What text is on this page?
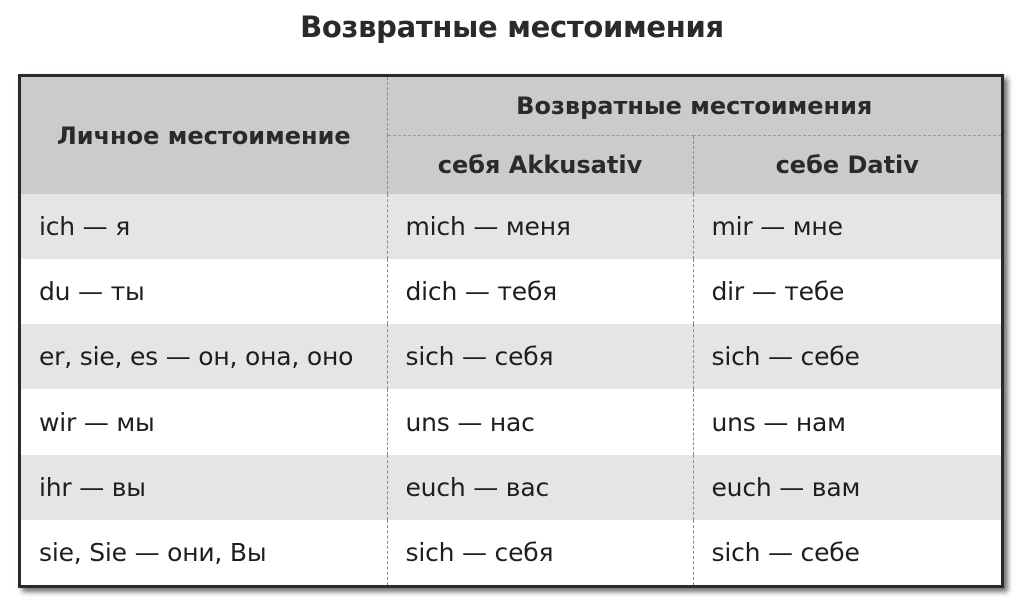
Возвратные местоимения
Личное местоимение	Возвратные местоимения	
	себя Akkusativ	себе Dativ
ich — я	mich — меня	mir — мне
du — ты	dich — тебя	dir — тебе
er, sie, es — он, она, оно	sich — себя	sich — себе
wir — мы	uns — нас	uns — нам
ihr — вы	euch — вас	euch — вам
sie, Sie — они, Вы	sich — себя	sich — себе
